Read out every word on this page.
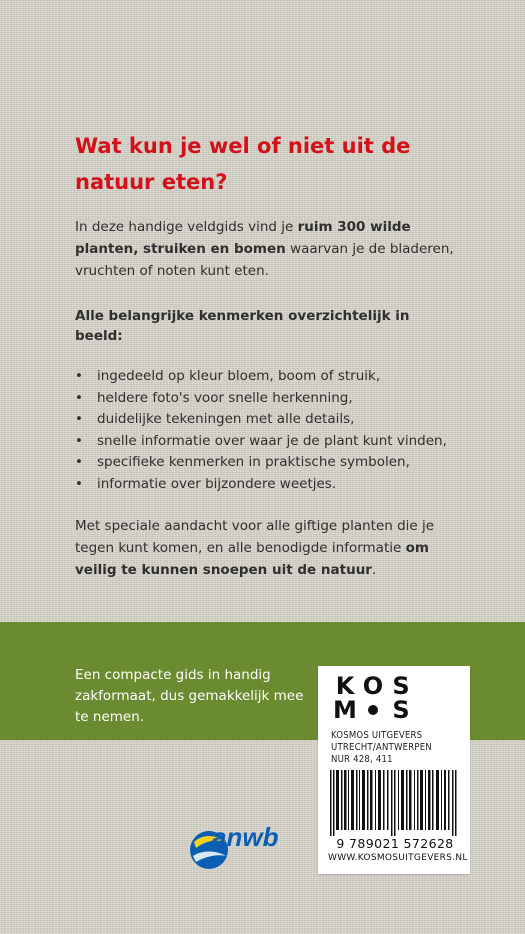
Wat kun je wel of niet uit de natuur eten?

In deze handige veldgids vind je ruim 300 wilde planten, struiken en bomen waarvan je de bladeren, vruchten of noten kunt eten.

Alle belangrijke kenmerken overzichtelijk in beeld:

• ingedeeld op kleur bloem, boom of struik,
• heldere foto's voor snelle herkenning,
• duidelijke tekeningen met alle details,
• snelle informatie over waar je de plant kunt vinden,
• specifieke kenmerken in praktische symbolen,
• informatie over bijzondere weetjes.

Met speciale aandacht voor alle giftige planten die je tegen kunt komen, en alle benodigde informatie om veilig te kunnen snoepen uit de natuur.

Een compacte gids in handig zakformaat, dus gemakkelijk mee te nemen.

K O S
M S
KOSMOS UITGEVERS
UTRECHT/ANTWERPEN
NUR 428, 411
9 789021 572628
WWW.KOSMOSUITGEVERS.NL
anwb
